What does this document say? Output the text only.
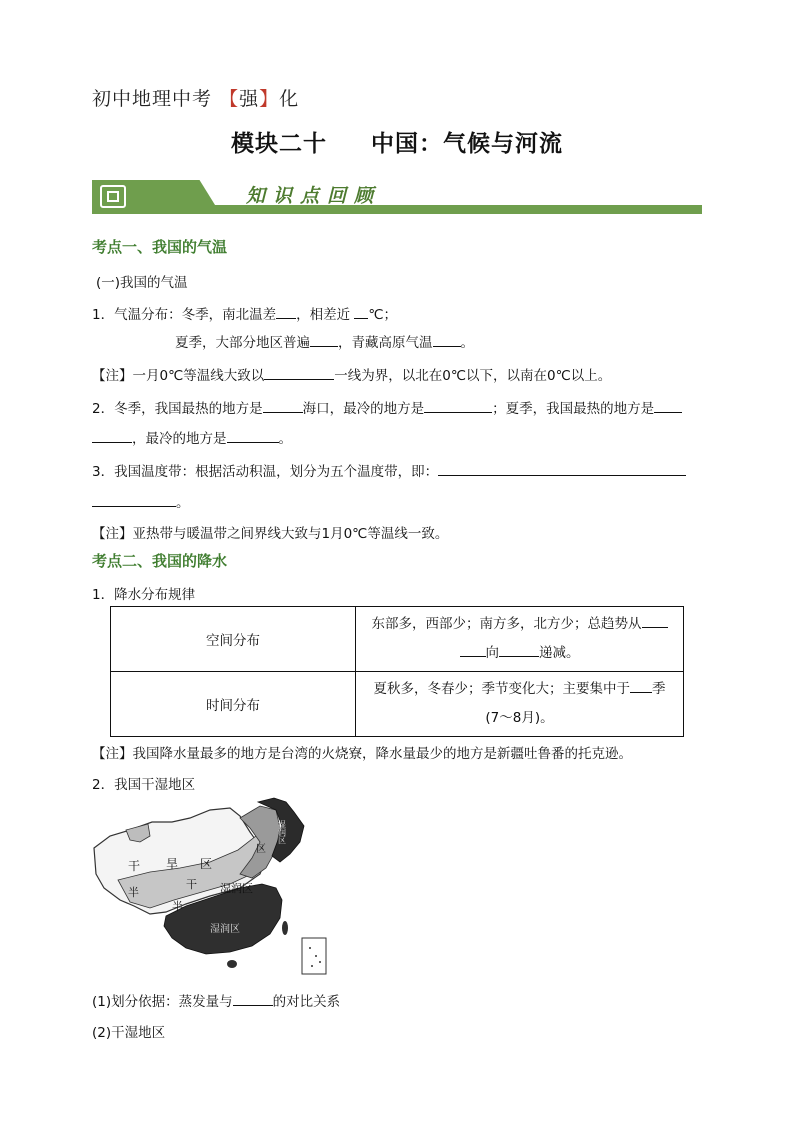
初中地理中考 【强】化
模块二十 中国：气候与河流
知识点回顾
考点一、我国的气温
(一)我国的气温
1．气温分布：冬季，南北温差 ，相差近 ℃；
夏季，大部分地区普遍 ，青藏高原气温 。
【注】一月0℃等温线大致以	一线为界，以北在0℃以下，以南在0℃以上。
2．冬季，我国最热的地方是	海口，最冷的地方是	；夏季，我国最热的地方是
，最冷的地方是	。
3．我国温度带：根据活动积温，划分为五个温度带，即：
。
【注】亚热带与暖温带之间界线大致与1月0℃等温线一致。
考点二、我国的降水
1．降水分布规律
空间分布	东部多，西部少；南方多，北方少；总趋势从
向 递减。
时间分布	夏秋多，冬春少；季节变化大；主要集中于 季
(7～8月)。
【注】我国降水量最多的地方是台湾的火烧寮，降水量最少的地方是新疆吐鲁番的托克逊。
2．我国干湿地区
干 旱 区
半
干
半
湿润区
湿润区
区
湿润区
(1)划分依据：蒸发量与	的对比关系
(2)干湿地区
